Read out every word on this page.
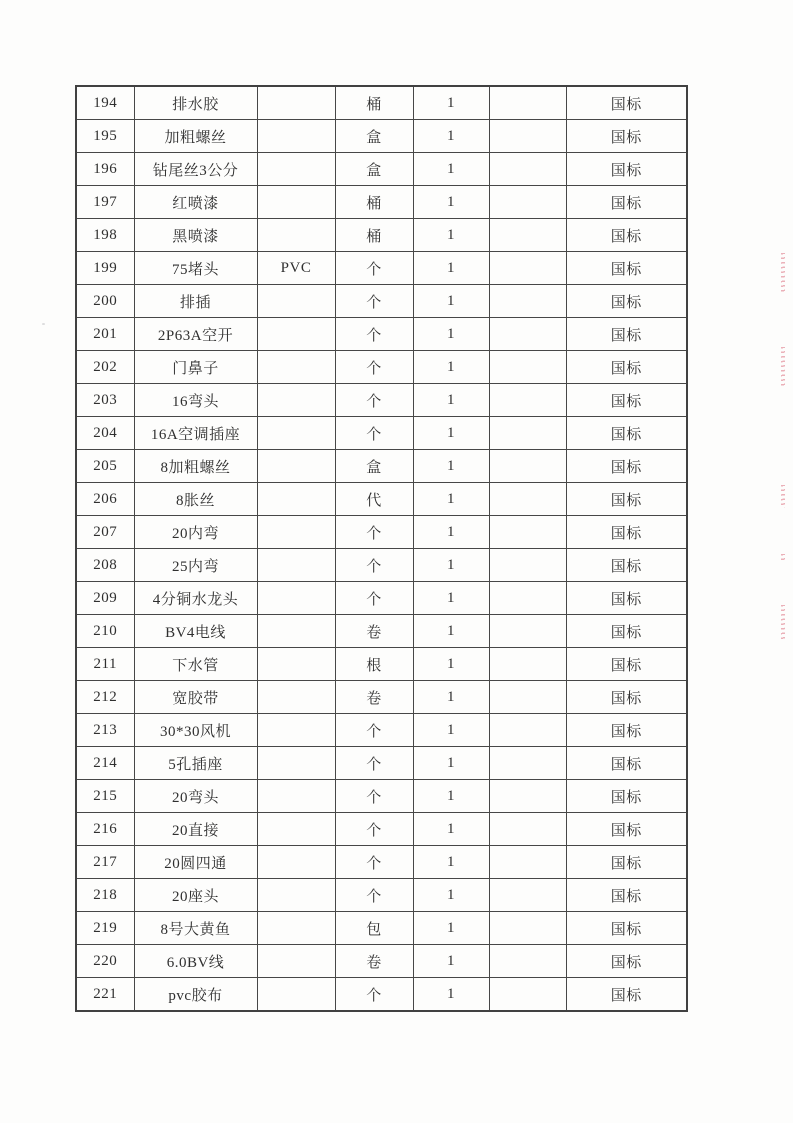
194	排水胶		桶	1		国标
195	加粗螺丝		盒	1		国标
196	钻尾丝3公分		盒	1		国标
197	红喷漆		桶	1		国标
198	黑喷漆		桶	1		国标
199	75堵头	PVC	个	1		国标
200	排插		个	1		国标
201	2P63A空开		个	1		国标
202	门鼻子		个	1		国标
203	16弯头		个	1		国标
204	16A空调插座		个	1		国标
205	8加粗螺丝		盒	1		国标
206	8胀丝		代	1		国标
207	20内弯		个	1		国标
208	25内弯		个	1		国标
209	4分铜水龙头		个	1		国标
210	BV4电线		卷	1		国标
211	下水管		根	1		国标
212	宽胶带		卷	1		国标
213	30*30风机		个	1		国标
214	5孔插座		个	1		国标
215	20弯头		个	1		国标
216	20直接		个	1		国标
217	20圆四通		个	1		国标
218	20座头		个	1		国标
219	8号大黄鱼		包	1		国标
220	6.0BV线		卷	1		国标
221	pvc胶布		个	1		国标
